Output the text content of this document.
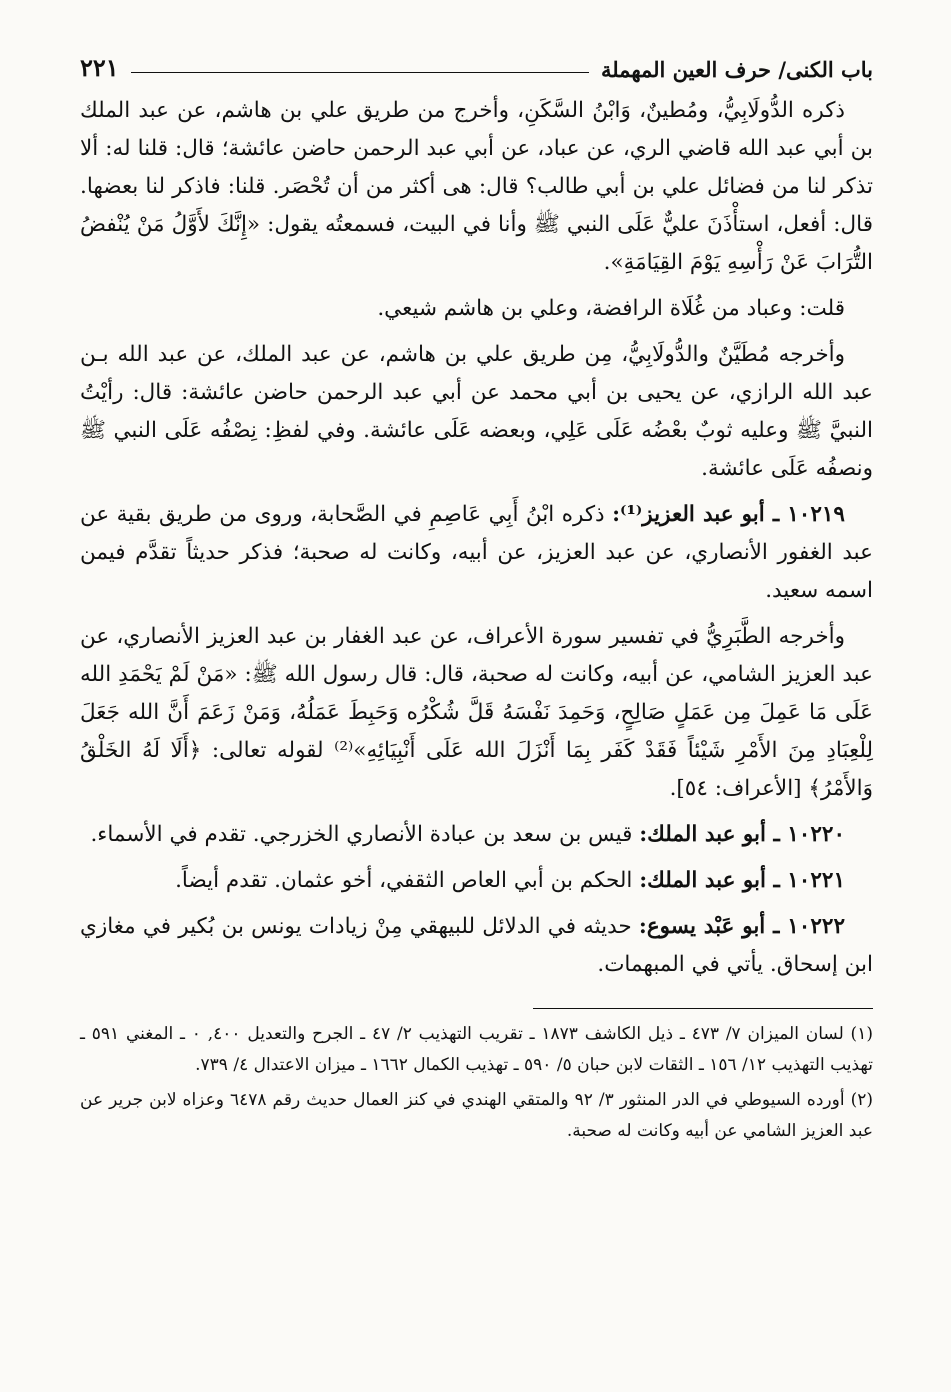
باب الكنى/ حرف العين المهملة
٢٢١

ذكره الدُّولَابِيُّ، ومُطينٌ، وَابْنُ السَّكَنِ، وأخرج من طريق علي بن هاشم، عن عبد الملك بن أبي عبد الله قاضي الري، عن عباد، عن أبي عبد الرحمن حاضن عائشة؛ قال: قلنا له: ألا تذكر لنا من فضائل علي بن أبي طالب؟ قال: هى أكثر من أن تُحْصَر. قلنا: فاذكر لنا بعضها. قال: أفعل، استأْذَنَ عليٌّ عَلَى النبي ﷺ وأنا في البيت، فسمعتُه يقول: «إِنَّكَ لأَوَّلُ مَنْ يُنْفضُ التُّرَابَ عَنْ رَأْسِهِ يَوْمَ القِيَامَةِ».

قلت: وعباد من غُلَاة الرافضة، وعلي بن هاشم شيعي.

وأخرجه مُطَيَّنٌ والدُّولَابِيُّ، مِن طريق علي بن هاشم، عن عبد الملك، عن عبد الله بـن عبد الله الرازي، عن يحيى بن أبي محمد عن أبي عبد الرحمن حاضن عائشة: قال: رأيْتُ النبيَّ ﷺ وعليه ثوبٌ بعْضُه عَلَى عَلِي، وبعضه عَلَى عائشة. وفي لفظِ: نِصْفُه عَلَى النبي ﷺ ونصفُه عَلَى عائشة.

١٠٢١٩ ـ أبو عبد العزيز⁽¹⁾: ذكره ابْنُ أَبِي عَاصِمِ في الصَّحابة، وروى من طريق بقية عن عبد الغفور الأنصاري، عن عبد العزيز، عن أبيه، وكانت له صحبة؛ فذكر حديثاً تقدَّم فيمن اسمه سعيد.

وأخرجه الطَّبَرِيُّ في تفسير سورة الأعراف، عن عبد الغفار بن عبد العزيز الأنصاري، عن عبد العزيز الشامي، عن أبيه، وكانت له صحبة، قال: قال رسول الله ﷺ: «مَنْ لَمْ يَحْمَدِ الله عَلَى مَا عَمِلَ مِن عَمَلٍ صَالِحٍ، وَحَمِدَ نَفْسَهُ قَلَّ شُكْرُه وَحَبِطَ عَمَلُهُ، وَمَنْ زَعَمَ أَنَّ الله جَعَلَ لِلْعِبَادِ مِنَ الأَمْرِ شَيْئاً فَقَدْ كَفَر بِمَا أَنْزَلَ الله عَلَى أَنْبِيَائِهِ»⁽²⁾ لقوله تعالى: ﴿أَلَا لَهُ الخَلْقُ وَالأَمْرُ﴾ [الأعراف: ٥٤].

١٠٢٢٠ ـ أبو عبد الملك: قيس بن سعد بن عبادة الأنصاري الخزرجي. تقدم في الأسماء.

١٠٢٢١ ـ أبو عبد الملك: الحكم بن أبي العاص الثقفي، أخو عثمان. تقدم أيضاً.

١٠٢٢٢ ـ أبو عَبْد يسوع: حديثه في الدلائل للبيهقي مِنْ زيادات يونس بن بُكير في مغازي ابن إسحاق. يأتي في المبهمات.

(١) لسان الميزان ٧/ ٤٧٣ ـ ذيل الكاشف ١٨٧٣ ـ تقريب التهذيب ٢/ ٤٧ ـ الجرح والتعديل ٤٠٠, ٠ ـ المغني ٥٩١ ـ تهذيب التهذيب ١٢/ ١٥٦ ـ الثقات لابن حبان ٥/ ٥٩٠ ـ تهذيب الكمال ١٦٦٢ ـ ميزان الاعتدال ٤/ ٧٣٩.

(٢) أورده السيوطي في الدر المنثور ٣/ ٩٢ والمتقي الهندي في كنز العمال حديث رقم ٦٤٧٨ وعزاه لابن جرير عن عبد العزيز الشامي عن أبيه وكانت له صحبة.
